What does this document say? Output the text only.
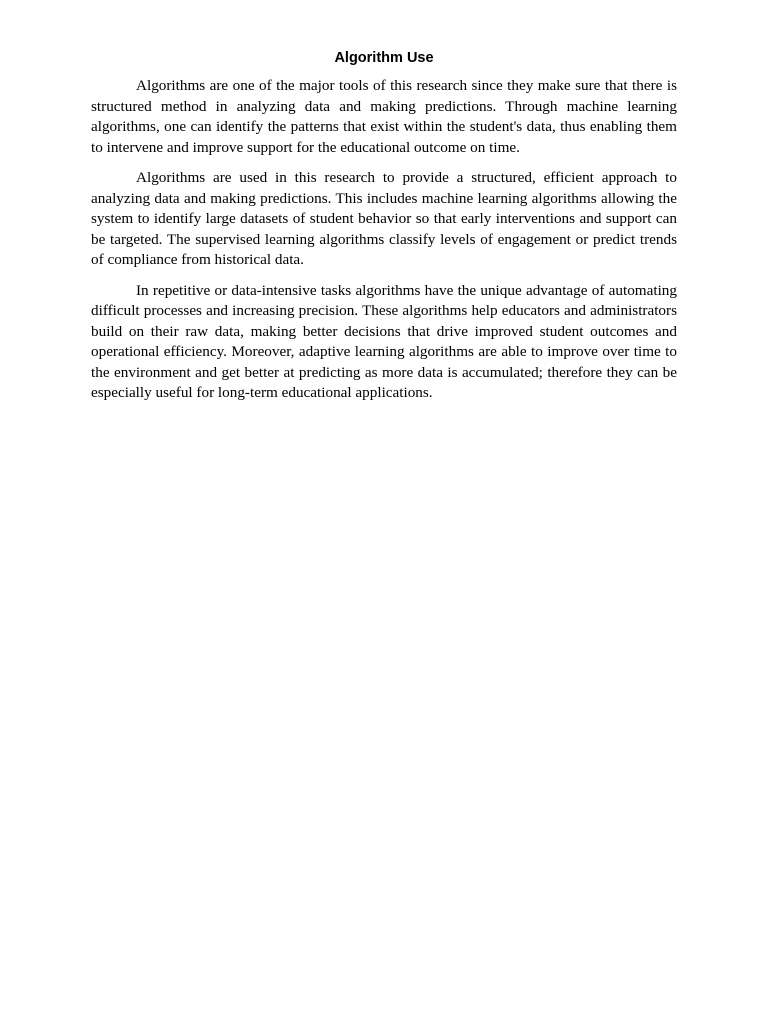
Algorithm Use

Algorithms are one of the major tools of this research since they make sure that there is structured method in analyzing data and making predictions. Through machine learning algorithms, one can identify the patterns that exist within the student's data, thus enabling them to intervene and improve support for the educational outcome on time.

Algorithms are used in this research to provide a structured, efficient approach to analyzing data and making predictions. This includes machine learning algorithms allowing the system to identify large datasets of student behavior so that early interventions and support can be targeted. The supervised learning algorithms classify levels of engagement or predict trends of compliance from historical data.

In repetitive or data-intensive tasks algorithms have the unique advantage of automating difficult processes and increasing precision. These algorithms help educators and administrators build on their raw data, making better decisions that drive improved student outcomes and operational efficiency. Moreover, adaptive learning algorithms are able to improve over time to the environment and get better at predicting as more data is accumulated; therefore they can be especially useful for long-term educational applications.
